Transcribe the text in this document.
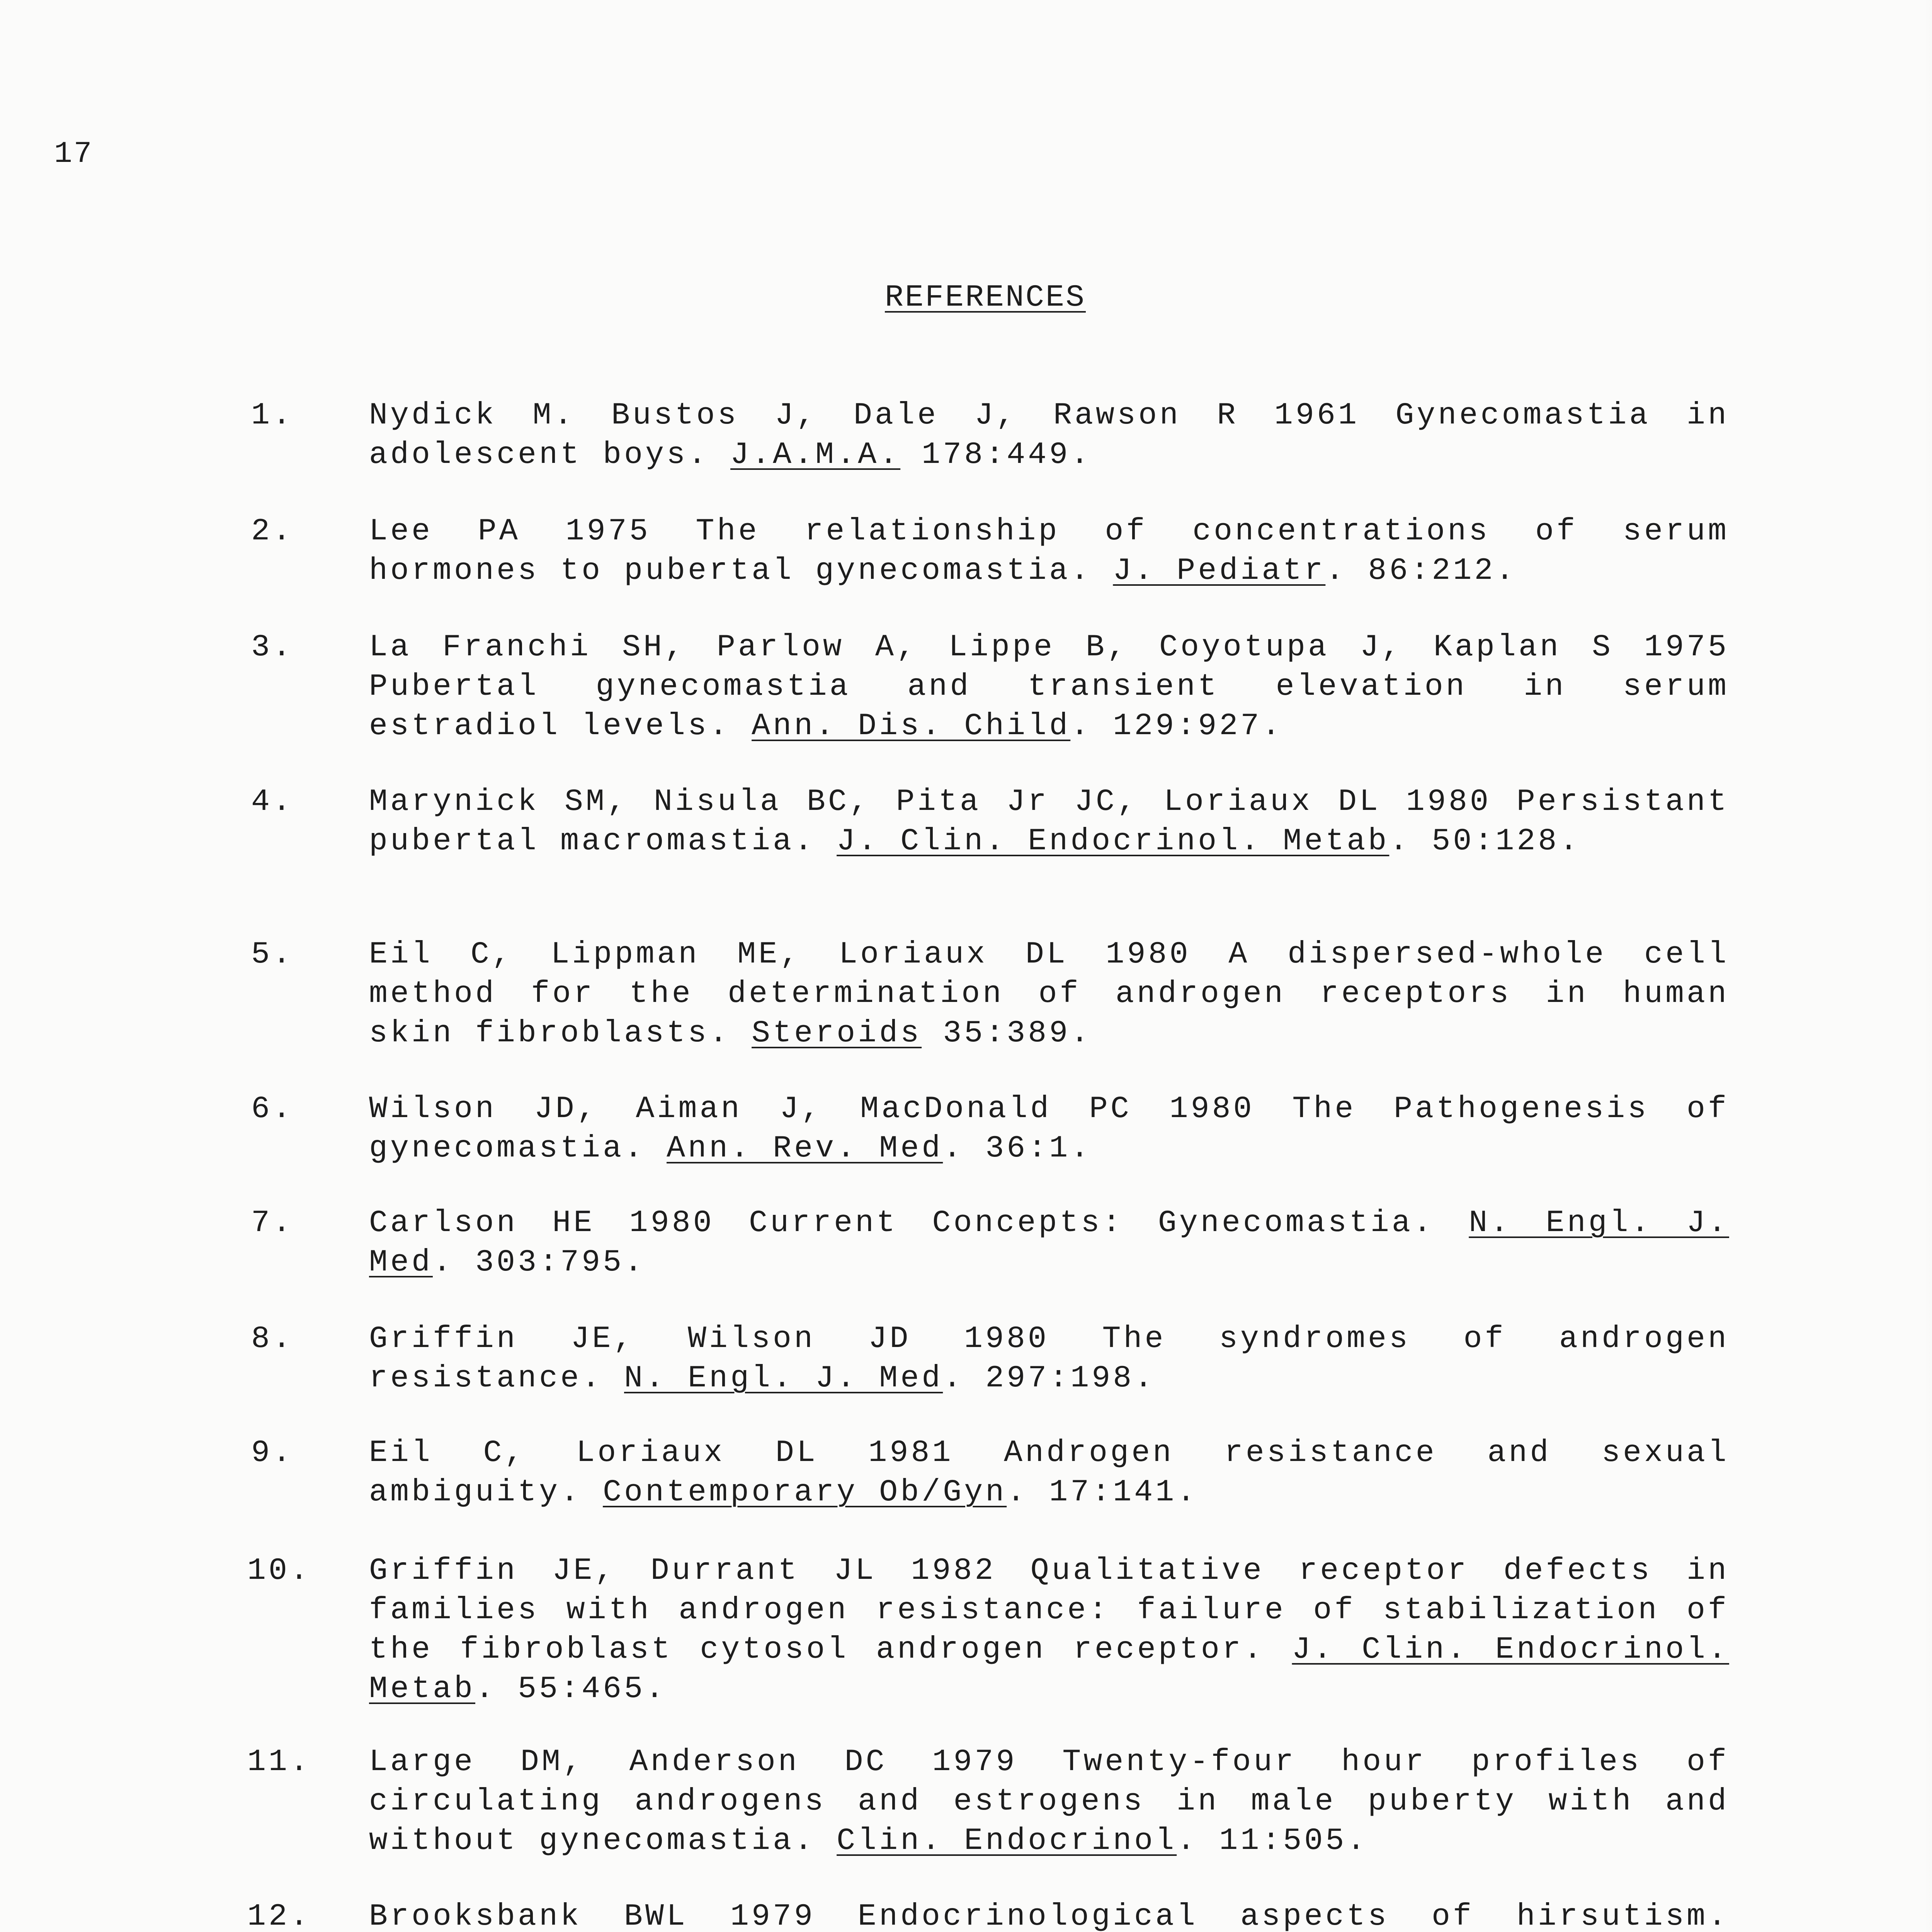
17
REFERENCES
1. Nydick M. Bustos J, Dale J, Rawson R 1961 Gynecomastia in adolescent boys. J.A.M.A. 178:449.
2. Lee PA 1975 The relationship of concentrations of serum hormones to pubertal gynecomastia. J. Pediatr. 86:212.
3. La Franchi SH, Parlow A, Lippe B, Coyotupa J, Kaplan S 1975 Pubertal gynecomastia and transient elevation in serum estradiol levels. Ann. Dis. Child. 129:927.
4. Marynick SM, Nisula BC, Pita Jr JC, Loriaux DL 1980 Persistant pubertal macromastia. J. Clin. Endocrinol. Metab. 50:128.
5. Eil C, Lippman ME, Loriaux DL 1980 A dispersed-whole cell method for the determination of androgen receptors in human skin fibroblasts. Steroids 35:389.
6. Wilson JD, Aiman J, MacDonald PC 1980 The Pathogenesis of gynecomastia. Ann. Rev. Med. 36:1.
7. Carlson HE 1980 Current Concepts: Gynecomastia. N. Engl. J. Med. 303:795.
8. Griffin JE, Wilson JD 1980 The syndromes of androgen resistance. N. Engl. J. Med. 297:198.
9. Eil C, Loriaux DL 1981 Androgen resistance and sexual ambiguity. Contemporary Ob/Gyn. 17:141.
10. Griffin JE, Durrant JL 1982 Qualitative receptor defects in families with androgen resistance: failure of stabilization of the fibroblast cytosol androgen receptor. J. Clin. Endocrinol. Metab. 55:465.
11. Large DM, Anderson DC 1979 Twenty-four hour profiles of circulating androgens and estrogens in male puberty with and without gynecomastia. Clin. Endocrinol. 11:505.
12. Brooksbank BWL 1979 Endocrinological aspects of hirsutism.
